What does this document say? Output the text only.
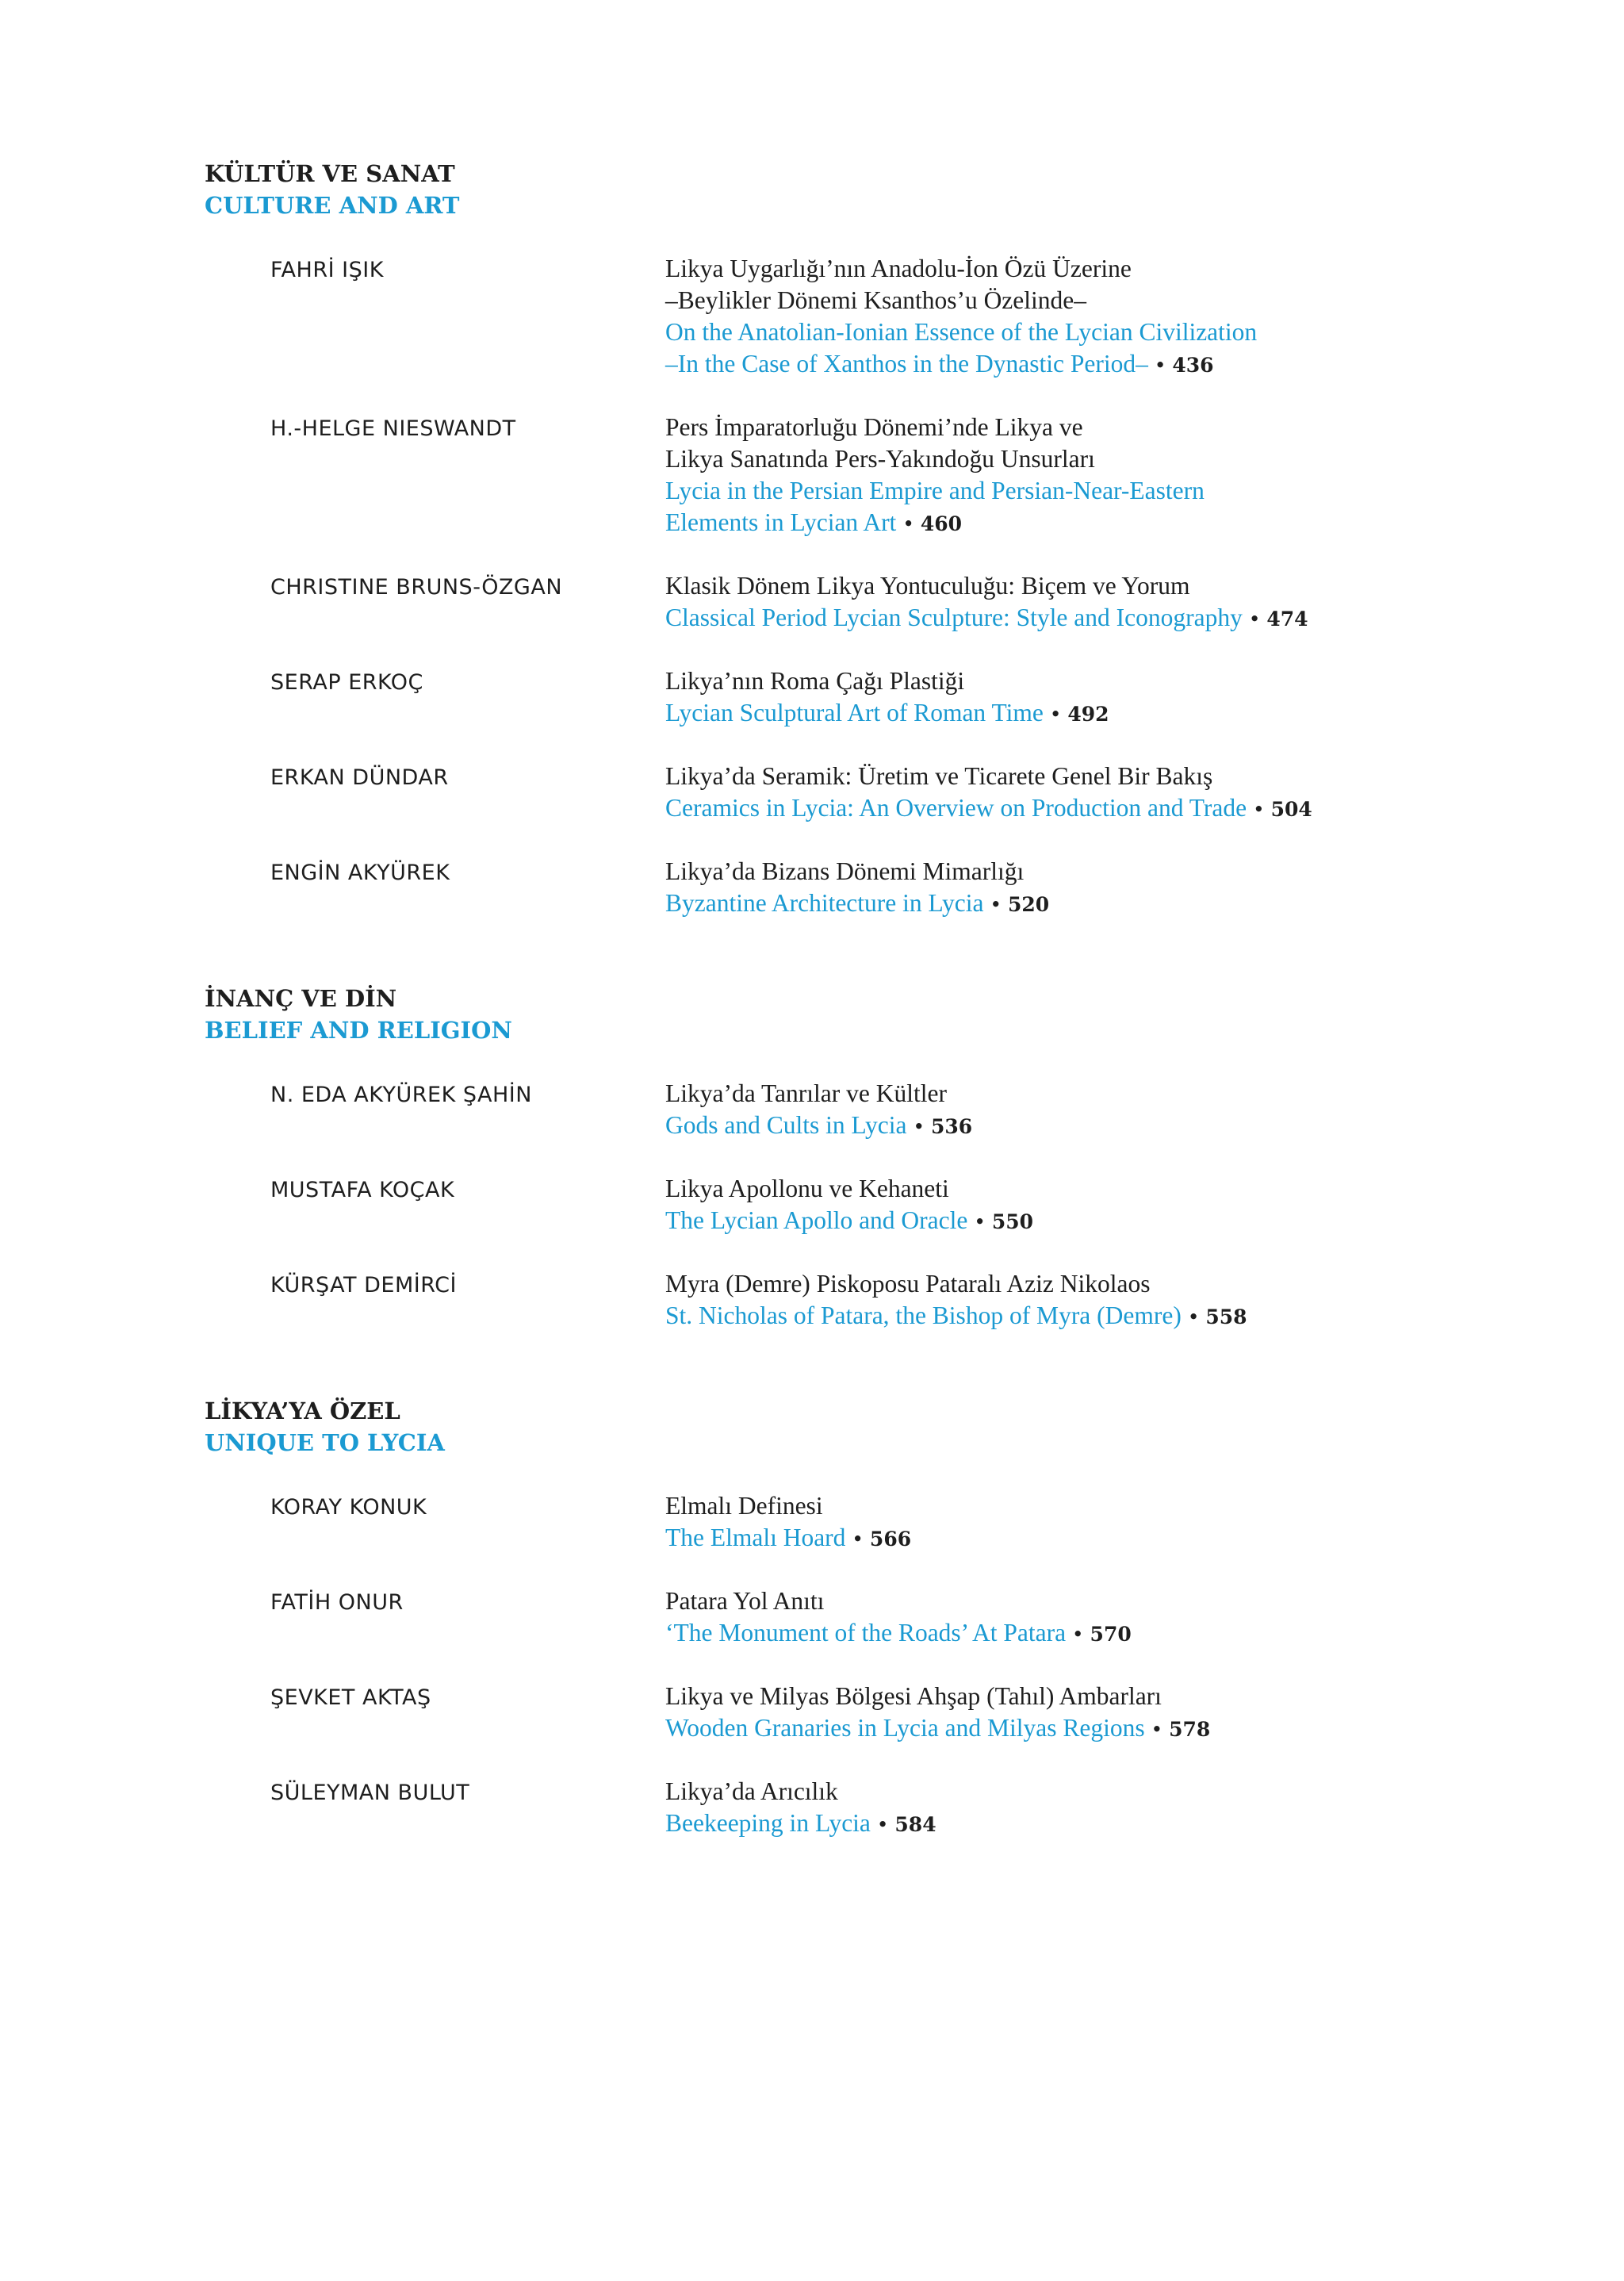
KÜLTÜR VE SANAT
CULTURE AND ART
FAHRİ IŞIK	Likya Uygarlığı’nın Anadolu-İon Özü Üzerine
–Beylikler Dönemi Ksanthos’u Özelinde–
On the Anatolian-Ionian Essence of the Lycian Civilization
–In the Case of Xanthos in the Dynastic Period– • 436
H.-HELGE NIESWANDT	Pers İmparatorluğu Dönemi’nde Likya ve
Likya Sanatında Pers-Yakındoğu Unsurları
Lycia in the Persian Empire and Persian-Near-Eastern
Elements in Lycian Art • 460
CHRISTINE BRUNS-ÖZGAN	Klasik Dönem Likya Yontuculuğu: Biçem ve Yorum
Classical Period Lycian Sculpture: Style and Iconography • 474
SERAP ERKOÇ	Likya’nın Roma Çağı Plastiği
Lycian Sculptural Art of Roman Time • 492
ERKAN DÜNDAR	Likya’da Seramik: Üretim ve Ticarete Genel Bir Bakış
Ceramics in Lycia: An Overview on Production and Trade • 504
ENGİN AKYÜREK	Likya’da Bizans Dönemi Mimarlığı
Byzantine Architecture in Lycia • 520
İNANÇ VE DİN
BELIEF AND RELIGION
N. EDA AKYÜREK ŞAHİN	Likya’da Tanrılar ve Kültler
Gods and Cults in Lycia • 536
MUSTAFA KOÇAK	Likya Apollonu ve Kehaneti
The Lycian Apollo and Oracle • 550
KÜRŞAT DEMİRCİ	Myra (Demre) Piskoposu Pataralı Aziz Nikolaos
St. Nicholas of Patara, the Bishop of Myra (Demre) • 558
LİKYA’YA ÖZEL
UNIQUE TO LYCIA
KORAY KONUK	Elmalı Definesi
The Elmalı Hoard • 566
FATİH ONUR	Patara Yol Anıtı
‘The Monument of the Roads’ At Patara • 570
ŞEVKET AKTAŞ	Likya ve Milyas Bölgesi Ahşap (Tahıl) Ambarları
Wooden Granaries in Lycia and Milyas Regions • 578
SÜLEYMAN BULUT	Likya’da Arıcılık
Beekeeping in Lycia • 584
